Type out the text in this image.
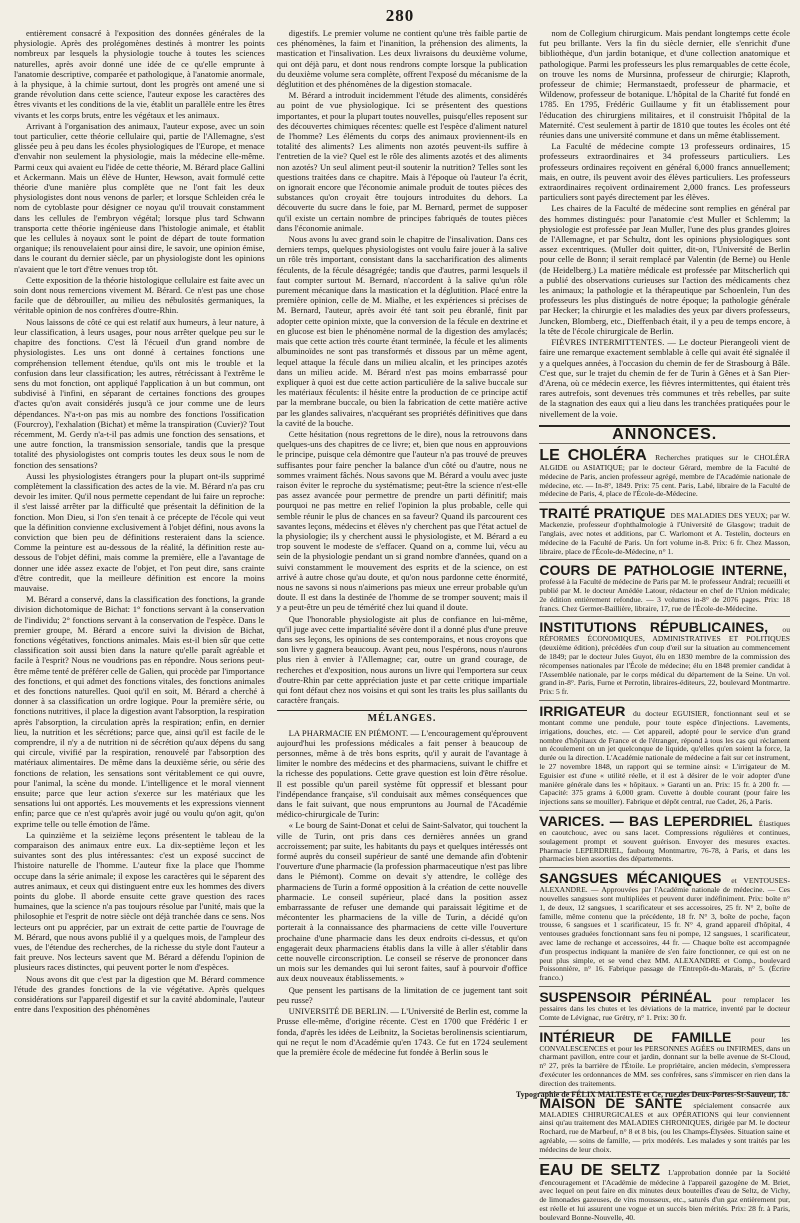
280

entièrement consacré à l'exposition des données générales de la physiologie. Après des prolégomènes destinés à montrer les points nombreux par lesquels la physiologie touche à toutes les sciences naturelles, après avoir donné une idée de ce qu'elle emprunte à l'anatomie descriptive, comparée et pathologique, à l'anatomie anormale, à la physique, à la chimie surtout, dont les progrès ont amené une si grande révolution dans cette science, l'auteur expose les caractères des êtres vivants et les conditions de la vie, établit un parallèle entre les êtres vivants et les corps bruts, entre les végétaux et les animaux.

Arrivant à l'organisation des animaux, l'auteur expose, avec un soin tout particulier, cette théorie cellulaire qui, partie de l'Allemagne, s'est glissée peu à peu dans les écoles physiologiques de l'Europe, et menace d'envahir non seulement la physiologie, mais la médecine elle-même. Parmi ceux qui avaient eu l'idée de cette théorie, M. Bérard place Gallini et Ackermann. Mais un élève de Hunter, Hewson, avait formulé cette théorie d'une manière plus complète que ne l'ont fait les deux physiologistes dont nous venons de parler; et lorsque Schleiden créa le nom de cytoblaste pour désigner ce noyau qu'il trouvait constamment dans les cellules de l'embryon végétal; lorsque plus tard Schwann transporta cette théorie ingénieuse dans l'histologie animale, et établit que les cellules à noyaux sont le point de départ de toute formation organique; ils renouvelaient pour ainsi dire, le savoir, une opinion émise, dans le courant du dernier siècle, par un physiologiste dont les opinions n'avaient que le tort d'être venues trop tôt.

Cette exposition de la théorie histologique cellulaire est faite avec un soin dont nous remercions vivement M. Bérard. Ce n'est pas une chose facile que de débrouiller, au milieu des nébulosités germaniques, la véritable opinion de nos confrères d'outre-Rhin.

Nous laissons de côté ce qui est relatif aux humeurs, à leur nature, à leur classification, à leurs usages, pour nous arrêter quelque peu sur le chapitre des fonctions. C'est là l'écueil d'un grand nombre de physiologistes. Les uns ont donné à certaines fonctions une compréhension tellement étendue, qu'ils ont mis le trouble et la confusion dans leur classification; les autres, rétrécissant à l'extrême le sens du mot fonction, ont appliqué l'application à un but commun, ont subdivisé à l'infini, en séparant de certaines fonctions des groupes d'actes qu'on avait considérés jusqu'à ce jour comme une de leurs dépendances. N'a-t-on pas mis au nombre des fonctions l'ossification (Fourcroy), l'exhalation (Bichat) et même la transpiration (Cuvier)? Tout récemment, M. Gerdy n'a-t-il pas admis une fonction des sensations, et une autre fonction, la transmission sensoriale, tandis que la presque totalité des physiologistes ont compris toutes les deux sous le nom de fonction des sensations?

Aussi les physiologistes étrangers pour la plupart ont-ils supprimé complètement la classification des actes de la vie. M. Bérard n'a pas cru devoir les imiter. Qu'il nous permette cependant de lui faire un reproche: il s'est laissé arrêter par la difficulté que présentait la définition de la fonction. Mon Dieu, si l'on s'en tenait à ce précepte de l'école qui veut que la définition convienne exclusivement à l'objet défini, nous avons la conviction que bien peu de définitions resteraient dans la science. Comme la peinture est au-dessous de la réalité, la définition reste au-dessous de l'objet défini, mais comme la première, elle a l'avantage de donner une idée assez exacte de l'objet, et l'on peut dire, sans crainte d'être contredit, que la meilleure définition est encore la moins mauvaise.

M. Bérard a conservé, dans la classification des fonctions, la grande division dichotomique de Bichat: 1° fonctions servant à la conservation de l'individu; 2° fonctions servant à la conservation de l'espèce. Dans le premier groupe, M. Bérard a encore suivi la division de Bichat, fonctions végétatives, fonctions animales. Mais est-il bien sûr que cette classification soit aussi bien dans la nature qu'elle paraît agréable et facile à l'esprit? Nous ne voudrions pas en répondre. Nous serions peut-être même tenté de préférer celle de Galien, qui procède par l'importance des fonctions, et qui admet des fonctions vitales, des fonctions animales et des fonctions naturelles. Quoi qu'il en soit, M. Bérard a cherché à donner à sa classification un ordre logique. Pour la première série, ou fonctions nutritives, il place la digestion avant l'absorption, la respiration après l'absorption, la circulation après la respiration; enfin, en dernier lieu, la nutrition et les sécrétions; parce que, ainsi qu'il est facile de le comprendre, il n'y a de nutrition ni de sécrétion qu'aux dépens du sang qui circule, vivifié par la respiration, renouvelé par l'absorption des matériaux alimentaires. De même dans la deuxième série, ou série des fonctions de relation, les sensations sont véritablement ce qui ouvre, pour l'animal, la scène du monde. L'intelligence et le moral viennent ensuite; parce que leur action s'exerce sur les matériaux que les sensations lui ont apportés. Les mouvements et les expressions viennent enfin; parce que ce n'est qu'après avoir jugé ou voulu qu'on agit, qu'on exprime telle ou telle émotion de l'âme.

La quinzième et la seizième leçons présentent le tableau de la comparaison des animaux entre eux. La dix-septième leçon et les suivantes sont des plus intéressantes: c'est un exposé succinct de l'histoire naturelle de l'homme. L'auteur fixe la place que l'homme occupe dans la série animale; il expose les caractères qui le séparent des autres animaux, et ceux qui distinguent entre eux les hommes des divers points du globe. Il aborde ensuite cette grave question des races humaines, que la science n'a pas toujours résolue par l'unité, mais que la philosophie et l'esprit de notre siècle ont déjà tranchée dans ce sens. Nos lecteurs ont pu apprécier, par un extrait de cette partie de l'ouvrage de M. Bérard, que nous avons publié il y a quelques mois, de l'ampleur des vues, de l'étendue des recherches, de la richesse du style dont l'auteur a fait preuve. Nos lecteurs savent que M. Bérard a défendu l'opinion de plusieurs races distinctes, qui peuvent porter le nom d'espèces.

Nous avons dit que c'est par la digestion que M. Bérard commence l'étude des grandes fonctions de la vie végétative. Après quelques considérations sur l'appareil digestif et sur la cavité abdominale, l'auteur entre dans l'exposition des phénomènes

digestifs. Le premier volume ne contient qu'une très faible partie de ces phénomènes, la faim et l'inanition, la préhension des aliments, la mastication et l'insalivation. Les deux livraisons du deuxième volume, qui ont déjà paru, et dont nous rendrons compte lorsque la publication du deuxième volume sera complète, offrent l'exposé du mécanisme de la déglutition et des phénomènes de la digestion stomacale.

M. Bérard a introduit incidemment l'étude des aliments, considérés au point de vue physiologique. Ici se présentent des questions importantes, et pour la plupart toutes nouvelles, puisqu'elles reposent sur des découvertes chimiques récentes: quelle est l'espèce d'aliment naturel de l'homme? Les éléments du corps des animaux proviennent-ils en totalité des aliments? Les aliments non azotés peuvent-ils suffire à l'entretien de la vie? Quel est le rôle des aliments azotés et des aliments non azotés? Un seul aliment peut-il soutenir la nutrition? Telles sont les questions traitées dans ce chapitre. Mais à l'époque où l'auteur l'a écrit, on ignorait encore que l'économie animale produit de toutes pièces des substances qu'on croyait être toujours introduites du dehors. La découverte du sucre dans le foie, par M. Bernard, permet de supposer qu'il existe un certain nombre de principes fabriqués de toutes pièces dans l'économie animale.

Nous avons lu avec grand soin le chapitre de l'insalivation. Dans ces derniers temps, quelques physiologistes ont voulu faire jouer à la salive un rôle très important, consistant dans la saccharification des aliments féculents, de la fécule désagrégée; tandis que d'autres, parmi lesquels il faut compter surtout M. Bernard, n'accordent à la salive qu'un rôle purement mécanique dans la mastication et la déglutition. Placé entre la première opinion, celle de M. Mialhe, et les expériences si précises de M. Bernard, l'auteur, après avoir été tant soit peu ébranlé, finit par adopter cette opinion mixte, que la conversion de la fécule en dextrine et en glucose est bien le phénomène normal de la digestion des amylacés; mais que cette action très courte étant terminée, la fécule et les aliments albuminoïdes ne sont pas transformés et dissous par un même agent, lequel attaque la fécule dans un milieu alcalin, et les principes azotés dans un milieu acide. M. Bérard n'est pas moins embarrassé pour expliquer à quoi est due cette action particulière de la salive buccale sur les matériaux féculents: il hésite entre la production de ce principe actif par la membrane buccale, ou bien la fabrication de cette matière active par les glandes salivaires, n'acquérant ses propriétés définitives que dans la cavité de la bouche.

Cette hésitation (nous regrettons de le dire), nous la retrouvons dans quelques-uns des chapitres de ce livre; et, bien que nous en approuvions le principe, puisque cela démontre que l'auteur n'a pas trouvé de preuves suffisantes pour faire pencher la balance d'un côté ou d'autre, nous ne sommes vraiment fâchés. Nous savons que M. Bérard a voulu avec juste raison éviter le reproche du systématisme; peut-être la science n'est-elle pas assez avancée pour permettre de prendre un parti définitif; mais pourquoi ne pas mettre en relief l'opinion la plus probable, celle qui semble réunir le plus de chances en sa faveur? Quand ils parcourent ces savantes leçons, médecins et élèves n'y cherchent pas que l'état actuel de la physiologie; ils y cherchent aussi le physiologiste, et M. Bérard a eu trop souvent le modeste de s'effacer. Quand on a, comme lui, vécu au sein de la physiologie pendant un si grand nombre d'années, quand on a suivi constamment le mouvement des esprits et de la science, on est arrivé à autre chose qu'au doute, et qu'on nous pardonne cette énormité, nous ne savons si nous n'aimerions pas mieux une erreur probable qu'un doute. Il est dans la destinée de l'homme de se tromper souvent; mais il y a peut-être un peu de témérité chez lui quand il doute.

Que l'honorable physiologiste ait plus de confiance en lui-même, qu'il juge avec cette impartialité sévère dont il a donné plus d'une preuve dans ses leçons, les opinions de ses contemporains, et nous croyons que son livre y gagnera beaucoup. Avant peu, nous l'espérons, nous n'aurons plus rien à envier à l'Allemagne; car, outre un grand courage, de recherches et d'exposition, nous aurons un livre qui l'emportera sur ceux d'outre-Rhin par cette appréciation juste et par cette critique impartiale qui font défaut chez nos voisins et qui sont les traits les plus saillants du caractère français.

MÉLANGES.

LA PHARMACIE EN PIÉMONT. — L'encouragement qu'éprouvent aujourd'hui les professions médicales a fait penser à beaucoup de personnes, même à de très bons esprits, qu'il y aurait de l'avantage à limiter le nombre des médecins et des pharmaciens, suivant le chiffre et la richesse des populations. Cette grave question est loin d'être résolue. Il est possible qu'un pareil système fût oppressif et blessant pour l'indépendance française, s'il conduisait aux mêmes conséquences que dans le fait suivant, que nous empruntons au Journal de l'Académie médico-chirurgicale de Turin:

« Le bourg de Saint-Donat et celui de Saint-Salvator, qui touchent la ville de Turin, ont pris dans ces dernières années un grand accroissement; par suite, les habitants du pays et quelques intéressés ont formé auprès du conseil supérieur de santé une demande afin d'obtenir l'ouverture d'une pharmacie (la profession pharmaceutique n'est pas libre dans le Piémont). Comme on devait s'y attendre, le collège des pharmaciens de Turin a formé opposition à la création de cette nouvelle pharmacie. Le conseil supérieur, placé dans la position assez embarrassante de refuser une demande qui paraissait légitime et de mécontenter les pharmaciens de la ville de Turin, a décidé qu'on porterait à la connaissance des pharmaciens de cette ville l'ouverture prochaine d'une pharmacie dans les deux endroits ci-dessus, et qu'on engagerait deux pharmaciens établis dans la ville à aller s'établir dans cette nouvelle circonscription. Le conseil se réserve de prononcer dans un mois sur les demandes qui lui seront faites, sauf à pourvoir d'office aux deux nouveaux établissements. »

Que pensent les partisans de la limitation de ce jugement tant soit peu russe?

UNIVERSITÉ DE BERLIN. — L'Université de Berlin est, comme la Prusse elle-même, d'origine récente. C'est en 1700 que Frédéric I er fonda, d'après les idées de Leibnitz, la Societas berolinensis scientiarum, qui ne reçut le nom d'Académie qu'en 1743. Ce fut en 1724 seulement que la première école de médecine fut fondée à Berlin sous le

nom de Collegium chirurgicum. Mais pendant longtemps cette école fut peu brillante. Vers la fin du siècle dernier, elle s'enrichit d'une bibliothèque, d'un jardin botanique, et d'une collection anatomique et pathologique. Parmi les professeurs les plus remarquables de cette école, on trouve les noms de Mursinna, professeur de chirurgie; Klaproth, professeur de chimie; Hermanstaedt, professeur de pharmacie, et Wildenow, professeur de botanique. L'hôpital de la Charité fut fondé en 1785. En 1795, Frédéric Guillaume y fit un établissement pour l'éducation des chirurgiens militaires, et il construisit l'hôpital de la Maternité. C'est seulement à partir de 1810 que toutes les écoles ont été réunies dans une université commune et dans un même établissement.

La Faculté de médecine compte 13 professeurs ordinaires, 15 professeurs extraordinaires et 34 professeurs particuliers. Les professeurs ordinaires reçoivent en général 6,000 francs annuellement; mais, en outre, ils peuvent avoir des élèves particuliers. Les professeurs extraordinaires reçoivent ordinairement 2,000 francs. Les professeurs particuliers sont payés directement par les élèves.

Les chaires de la Faculté de médecine sont remplies en général par des hommes distingués: pour l'anatomie c'est Muller et Schlemm; la physiologie est professée par Jean Muller, l'une des plus grandes gloires de l'Allemagne, et par Schultz, dont les opinions physiologiques sont assez excentriques. (Muller doit quitter, dit-on, l'Université de Berlin pour celle de Bonn; il serait remplacé par Valentin (de Berne) ou Henle (de Heidelberg.) La matière médicale est professée par Mitscherlich qui a publié des observations curieuses sur l'action des médicaments chez les animaux; la pathologie et la thérapeutique par Schoenlein, l'un des professeurs les plus distingués de notre époque; la pathologie générale par Hecker; la chirurgie et les maladies des yeux par divers professeurs, Juncken, Blomberg, etc., Dieffenbach était, il y a peu de temps encore, à la tête de l'école chirurgicale de Berlin.

FIÈVRES INTERMITTENTES. — Le docteur Pierangeoli vient de faire une remarque exactement semblable à celle qui avait été signalée il y a quelques années, à l'occasion du chemin de fer de Strasbourg à Bâle. C'est que, sur le trajet du chemin de fer de Turin à Gênes et à San Pier-d'Arena, où ce médecin exerce, les fièvres intermittentes, qui étaient très rares autrefois, sont devenues très communes et très rebelles, par suite de la stagnation des eaux qui a lieu dans les tranchées pratiquées pour le nivellement de la voie.

ANNONCES.
LE CHOLÉRA Recherches pratiques sur le CHOLÉRA ALGIDE ou ASIATIQUE; par le docteur Gérard, membre de la Faculté de médecine de Paris, ancien professeur agrégé, membre de l'Académie nationale de médecine, etc. — In-8°, 1849. Prix: 75 cent. Paris, Labé, libraire de la Faculté de médecine de Paris, 4, place de l'École-de-Médecine.
TRAITÉ PRATIQUE DES MALADIES DES YEUX; par W. Mackenzie, professeur d'ophthalmologie à l'Université de Glasgow; traduit de l'anglais, avec notes et additions, par C. Warlomont et A. Testelin, docteurs en médecine de la Faculté de Paris. Un fort volume in-8. Prix: 6 fr. Chez Masson, libraire, place de l'École-de-Médecine, n° 1.
COURS DE PATHOLOGIE INTERNE, professé à la Faculté de médecine de Paris par M. le professeur Andral; recueilli et publié par M. le docteur Amédée Latour, rédacteur en chef de l'Union médicale; 2e édition entièrement refondue. — 3 volumes in-8° de 2076 pages. Prix: 18 francs. Chez Germer-Baillière, libraire, 17, rue de l'École-de-Médecine.
INSTITUTIONS RÉPUBLICAINES, ou RÉFORMES ÉCONOMIQUES, ADMINISTRATIVES ET POLITIQUES (deuxième édition), précédées d'un coup d'œil sur la situation au commencement de 1849; par le docteur Jules Guyot, élu en 1830 membre de la commission des récompenses nationales par l'École de médecine; élu en 1848 premier candidat à l'Assemblée nationale, par le corps médical du département de la Seine. Un vol. grand in-8°. Paris, Furne et Perrotin, libraires-éditeurs, 22, boulevard Montmartre. Prix: 5 fr.
IRRIGATEUR du docteur EGUISIER, fonctionnant seul et se montant comme une pendule, pour toute espèce d'injections. Lavements, irrigations, douches, etc. — Cet appareil, adopté pour le service d'un grand nombre d'hôpitaux de France et de l'étranger, répond à tous les cas qui réclament un écoulement on un jet quelconque de liquide, qu'elles qu'en soient la force, la durée ou la direction. L'Académie nationale de médecine a fait sur cet instrument, le 27 novembre 1848, un rapport qui se termine ainsi: « L'irrigateur de M. Eguisier est d'une « utilité réelle, et il est à désirer de le voir adopter d'une manière générale dans les « hôpitaux. » Garanti un an. Prix: 15 fr. à 200 fr. — Capacité: 375 grams à 6,000 gram. Cuvette à double courant (pour faire les injections sans se mouiller). Fabrique et dépôt central, rue Cadet, 26, à Paris.
VARICES. — BAS LEPERDRIEL Élastiques en caoutchouc, avec ou sans lacet. Compressions régulières et continues, soulagement prompt et souvent guérison. Envoyer des mesures exactes. Pharmacie LEPERDRIEL, faubourg Montmartre, 76-78, à Paris, et dans les pharmacies bien assorties des départements.
SANGSUES MÉCANIQUES et VENTOUSES-ALEXANDRE. — Approuvées par l'Académie nationale de médecine. — Ces nouvelles sangsues sont multipliées et peuvent durer indéfiniment. Prix: boîte n° 1, de deux, 12 sangsues, 1 scarificateur et ses accessoires, 25 fr. N° 2, boîte de famille, même contenu que la précédente, 18 fr. N° 3, boîte de poche, façon trousse, 6 sangsues et 1 scarificateur, 15 fr. N° 4, grand appareil d'hôpital, 4 ventouses graduées fonctionnant sans feu ni pompe, 12 sangsues, 1 scarificateur, avec lame de rechange et accessoires, 44 fr. — Chaque boîte est accompagnée d'un prospectus indiquant la manière de s'en faire fonctionner, ce qui est on ne peut plus simple, et se vend chez MM. ALEXANDRE et Comp., boulevard Poissonnière, n° 16. Fabrique passage de l'Entrepôt-du-Marais, n° 5. (Écrire franco.)
SUSPENSOIR PÉRINÉAL pour remplacer les pessaires dans les chutes et les déviations de la matrice, inventé par le docteur Comte de Lévignac, rue Grétry, n° 1. Prix: 30 fr.
INTÉRIEUR DE FAMILLE	pour les CONVALESCENCES et pour les PERSONNES AGÉES ou INFIRMES, dans un charmant pavillon, entre cour et jardin, donnant sur la belle avenue de St-Cloud, n° 27, près la barrière de l'Étoile. Le propriétaire, ancien médecin, s'empressera d'exécuter les ordonnances de MM. ses confrères, sans s'immiscer en rien dans la direction des traitements.
MAISON DE SANTÉ spécialement consacrée aux MALADIES CHIRURGICALES et aux OPÉRATIONS qui leur conviennent ainsi qu'au traitement des MALADIES CHRONIQUES, dirigée par M. le docteur Rochard, rue de Marbeuf, n° 8 et 8 bis, (ou les Champs-Élysées. Situation saine et agréable, — soins de famille, — prix modérés. Les malades y sont traités par les médecins de leur choix.
EAU DE SELTZ L'approbation donnée par la Société d'encouragement et l'Académie de médecine à l'appareil gazogène de M. Briet, avec lequel on peut faire en dix minutes deux bouteilles d'eau de Seltz, de Vichy, de limonades gazeuses, de vins mousseux, etc., saturés d'un gaz entièrement pur, est réelle et lui assurent une vogue et un succès bien mérités. Prix: 28 fr. à Paris, boulevard Bonne-Nouvelle, 40.
Typographie de FÉLIX MALTESTE et Ce, rue des Deux-Portes-St-Sauveur, 18.
